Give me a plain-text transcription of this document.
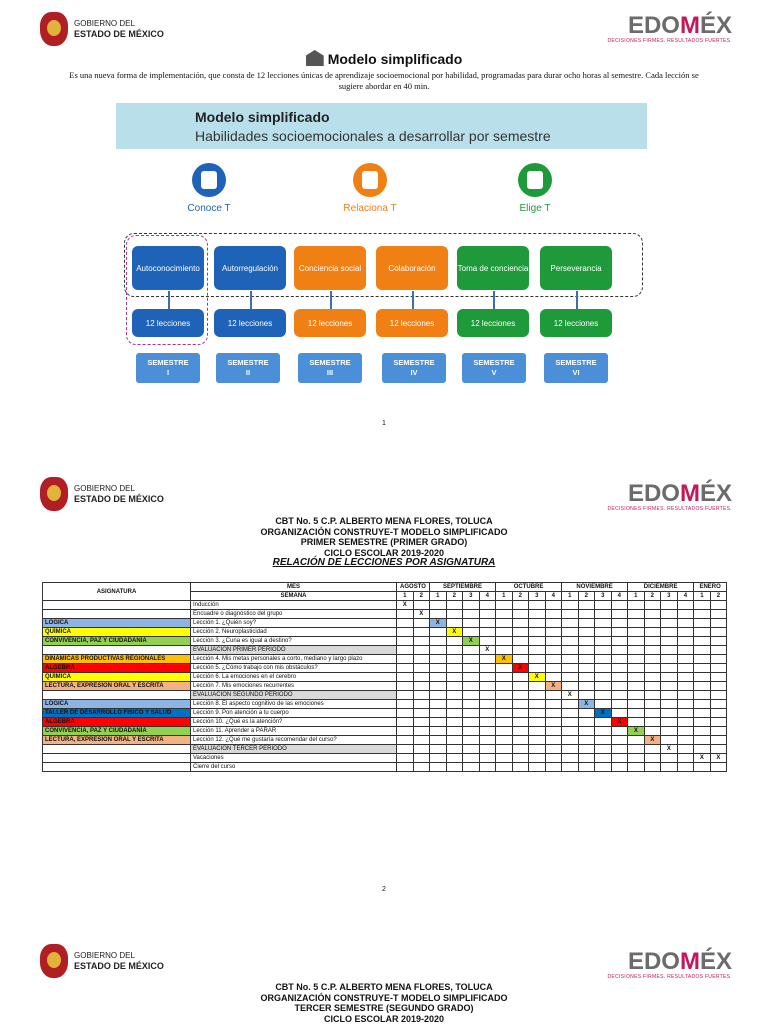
GOBIERNO DEL
ESTADO DE MÉXICO	EDOMÉX
DECISIONES FIRMES. RESULTADOS FUERTES.
Modelo simplificado
Es una nueva forma de implementación, que consta de 12 lecciones únicas de aprendizaje socioemocional por habilidad, programadas para durar ocho horas al semestre. Cada lección se sugiere abordar en 40 min.
Modelo simplificado
Habilidades socioemocionales a desarrollar por semestre
Conoce T	Relaciona T	Elige T
Autoconocimiento	Autorregulación	Conciencia social	Colaboración	Toma de conciencia	Perseverancia
12 lecciones	12 lecciones	12 lecciones	12 lecciones	12 lecciones	12 lecciones
SEMESTRE
I
SEMESTRE
II
SEMESTRE
III
SEMESTRE
IV
SEMESTRE
V
SEMESTRE
VI
1
GOBIERNO DEL
ESTADO DE MÉXICO	EDOMÉX
DECISIONES FIRMES. RESULTADOS FUERTES.
CBT No. 5 C.P. ALBERTO MENA FLORES, TOLUCA
ORGANIZACIÓN CONSTRUYE-T MODELO SIMPLIFICADO
PRIMER SEMESTRE (PRIMER GRADO)
CICLO ESCOLAR 2019-2020
RELACIÓN DE LECCIONES POR ASIGNATURA
ASIGNATURA	MES	AGOSTO		SEPTIEMBRE				OCTUBRE				NOVIEMBRE				DICIEMBRE				ENERO	
	SEMANA	1	2	1	2	3	4	1	2	3	4	1	2	3	4	1	2	3	4	1	2
	Inducción	X																			
	Encuadre o diagnóstico del grupo		X																		
LÓGICA	Lección 1. ¿Quién soy?			X																	
QUÍMICA	Lección 2. Neuroplasticidad				X																
CONVIVENCIA, PAZ Y CIUDADANÍA	Lección 3. ¿Cuna es igual a destino?					X															
	EVALUACIÓN PRIMER PERIODO						X														
DINÁMICAS PRODUCTIVAS REGIONALES	Lección 4. Mis metas personales a corto, mediano y largo plazo							X													
ÁLGEBRA	Lección 5. ¿Cómo trabajo con mis obstáculos?								X												
QUÍMICA	Lección 6. La emociones en el cerebro									X											
LECTURA, EXPRESIÓN ORAL Y ESCRITA	Lección 7. Mis emociones recurrentes										X										
	EVALUACIÓN SEGUNDO PERIODO											X									
LÓGICA	Lección 8. El aspecto cognitivo de las emociones												X								
TALLER DE DESARROLLO FÍSICO Y SALUD	Lección 9. Pon atención a tu cuerpo													X							
ÁLGEBRA	Lección 10. ¿Qué es la atención?														X						
CONVIVENCIA, PAZ Y CIUDADANÍA	Lección 11. Aprender a PARAR															X					
LECTURA, EXPRESIÓN ORAL Y ESCRITA	Lección 12. ¿Qué me gustaría recomendar del curso?																X				
	EVALUACIÓN TERCER PERIODO																	X			
	Vacaciones																			X	X
	Cierre del curso																				
2
GOBIERNO DEL
ESTADO DE MÉXICO	EDOMÉX
DECISIONES FIRMES. RESULTADOS FUERTES.
CBT No. 5 C.P. ALBERTO MENA FLORES, TOLUCA
ORGANIZACIÓN CONSTRUYE-T MODELO SIMPLIFICADO
TERCER SEMESTRE (SEGUNDO GRADO)
CICLO ESCOLAR 2019-2020
